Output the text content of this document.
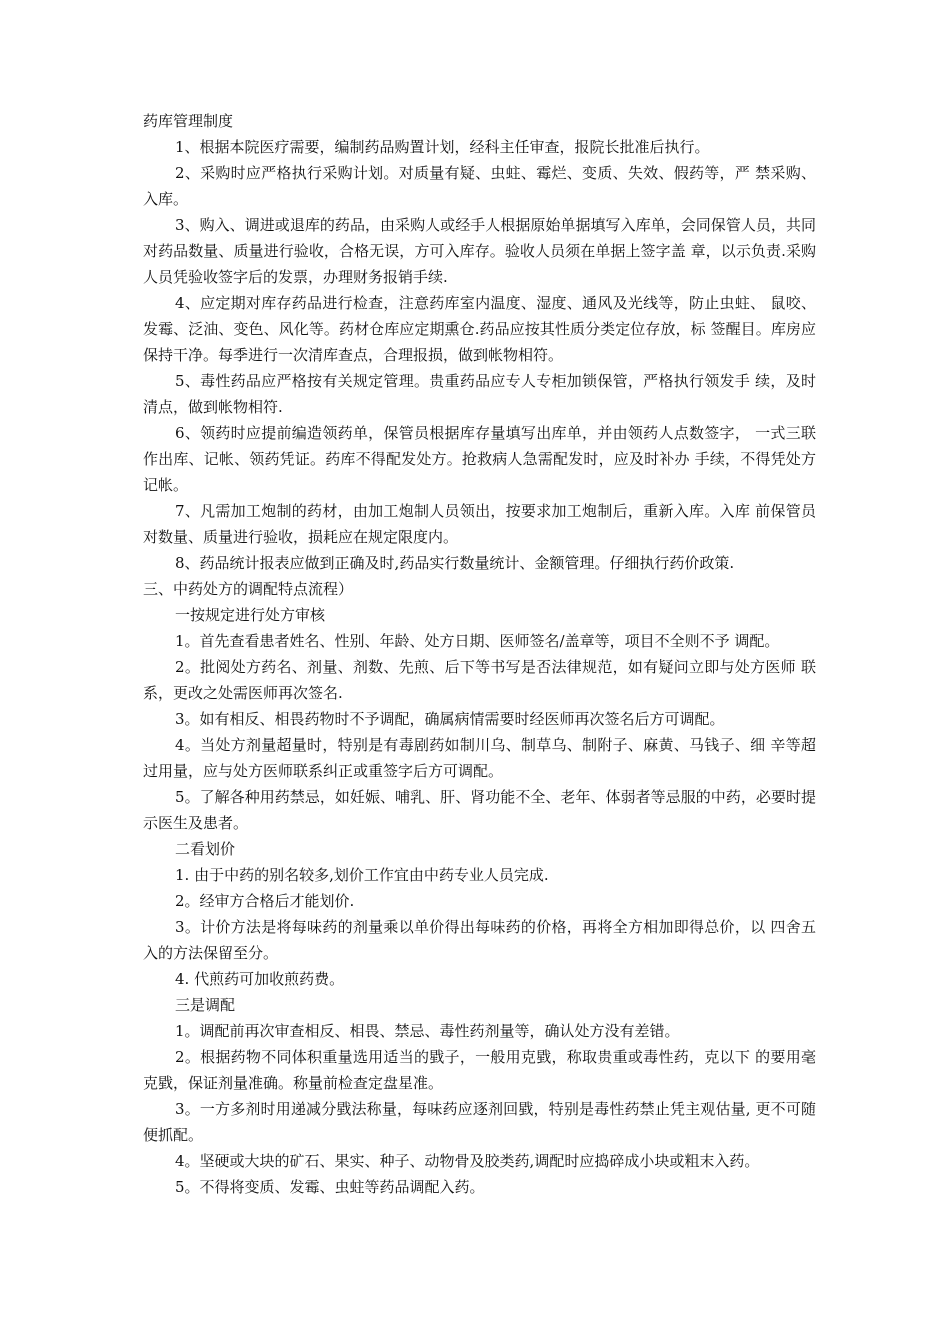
药库管理制度

1、根据本院医疗需要，编制药品购置计划，经科主任审查，报院长批准后执行。

2、采购时应严格执行采购计划。对质量有疑、虫蛀、霉烂、变质、失效、假药等，严 禁采购、入库。

3、购入、调进或退库的药品，由采购人或经手人根据原始单据填写入库单，会同保管人员，共同对药品数量、质量进行验收，合格无误，方可入库存。验收人员须在单据上签字盖 章，以示负责.采购人员凭验收签字后的发票，办理财务报销手续.

4、应定期对库存药品进行检查，注意药库室内温度、湿度、通风及光线等，防止虫蛀、 鼠咬、发霉、泛油、变色、风化等。药材仓库应定期熏仓.药品应按其性质分类定位存放，标 签醒目。库房应保持干净。每季进行一次清库查点，合理报损，做到帐物相符。

5、毒性药品应严格按有关规定管理。贵重药品应专人专柜加锁保管，严格执行领发手 续，及时清点，做到帐物相符.

6、领药时应提前编造领药单，保管员根据库存量填写出库单，并由领药人点数签字， 一式三联作出库、记帐、领药凭证。药库不得配发处方。抢救病人急需配发时，应及时补办 手续，不得凭处方记帐。

7、凡需加工炮制的药材，由加工炮制人员领出，按要求加工炮制后，重新入库。入库 前保管员对数量、质量进行验收，损耗应在规定限度内。

8、药品统计报表应做到正确及时,药品实行数量统计、金额管理。仔细执行药价政策.

三、中药处方的调配特点流程）

一按规定进行处方审核

1。首先查看患者姓名、性别、年龄、处方日期、医师签名/盖章等，项目不全则不予 调配。

2。批阅处方药名、剂量、剂数、先煎、后下等书写是否法律规范，如有疑问立即与处方医师 联系，更改之处需医师再次签名.

3。如有相反、相畏药物时不予调配，确属病情需要时经医师再次签名后方可调配。

4。当处方剂量超量时，特别是有毒剧药如制川乌、制草乌、制附子、麻黄、马钱子、细 辛等超过用量，应与处方医师联系纠正或重签字后方可调配。

5。了解各种用药禁忌，如妊娠、哺乳、肝、肾功能不全、老年、体弱者等忌服的中药，必要时提示医生及患者。

二看划价

1. 由于中药的别名较多,划价工作宜由中药专业人员完成.

2。经审方合格后才能划价.

3。计价方法是将每味药的剂量乘以单价得出每味药的价格，再将全方相加即得总价，以 四舍五入的方法保留至分。

4. 代煎药可加收煎药费。

三是调配

1。调配前再次审查相反、相畏、禁忌、毒性药剂量等，确认处方没有差错。

2。根据药物不同体积重量选用适当的戥子，一般用克戥，称取贵重或毒性药，克以下 的要用毫克戥，保证剂量准确。称量前检查定盘星准。

3。一方多剂时用递减分戥法称量，每味药应逐剂回戥，特别是毒性药禁止凭主观估量, 更不可随便抓配。

4。坚硬或大块的矿石、果实、种子、动物骨及胶类药,调配时应捣碎成小块或粗末入药。

5。不得将变质、发霉、虫蛀等药品调配入药。
